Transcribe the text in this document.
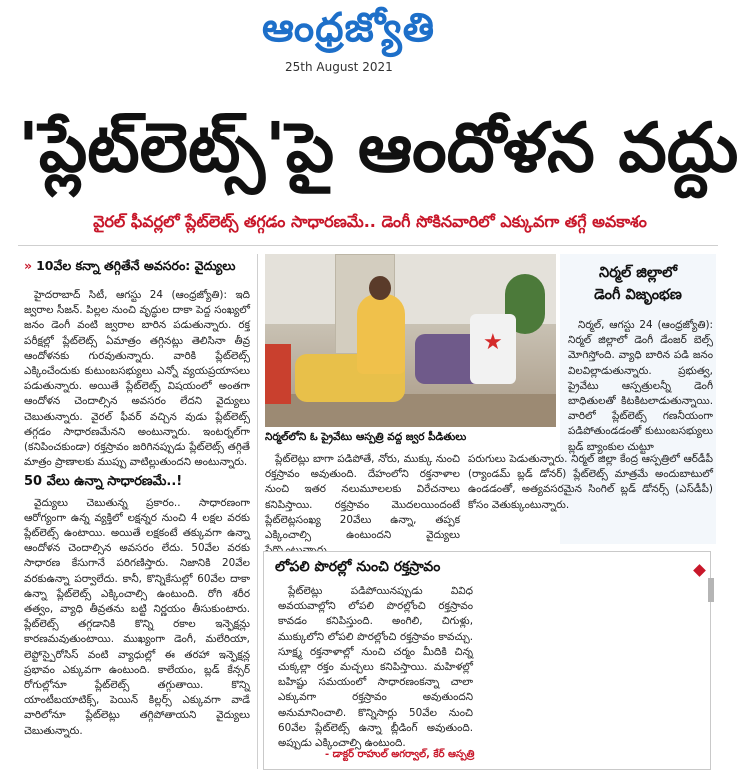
ఆంధ్రజ్యోతి
25th August 2021
'ప్లేట్‌లెట్స్'పై ఆందోళన వద్దు
వైరల్ ఫీవర్లలో ప్లేట్‌లెట్స్ తగ్గడం సాధారణమే.. డెంగీ సోకినవారిలో ఎక్కువగా తగ్గే అవకాశం
» 10వేల కన్నా తగ్గితేనే అవసరం: వైద్యులు

హైదరాబాద్ సిటీ, ఆగస్టు 24 (ఆంధ్రజ్యోతి): ఇది జ్వరాల సీజన్. పిల్లల నుంచి వృద్ధుల దాకా పెద్ద సంఖ్యలో జనం డెంగీ వంటి జ్వరాల బారిన పడుతున్నారు. రక్త పరీక్షల్లో ప్లేట్‌లెట్స్ ఏమాత్రం తగ్గినట్లు తెలిసినా తీవ్ర ఆందోళనకు గురవుతున్నారు. వారికి ప్లేట్‌లెట్స్ ఎక్కించేందుకు కుటుంబసభ్యులు ఎన్నో వ్యయప్రయాసలు పడుతున్నారు. అయితే ప్లేట్‌లెట్స్ విషయంలో అంతగా ఆందోళన చెందాల్సిన అవసరం లేదని వైద్యులు చెబుతున్నారు. వైరల్ ఫీవర్ వచ్చిన వుడు ప్లేట్‌లెట్స్ తగ్గడం సాధారణమేనని అంటున్నారు. ఇంటర్నల్‌గా (కనిపించకుండా) రక్తస్రావం జరిగినప్పుడు ప్లేట్‌లెట్స్ తగ్గితే మాత్రం ప్రాణాలకు ముప్పు వాటిల్లుతుందని అంటున్నారు.

50 వేలు ఉన్నా సాధారణమే..!

వైద్యులు చెబుతున్న ప్రకారం.. సాధారణంగా ఆరోగ్యంగా ఉన్న వ్యక్తిలో లక్షన్నర నుంచి 4 లక్షల వరకు ప్లేట్‌లెట్స్ ఉంటాయి. అయితే లక్షకంటే తక్కువగా ఉన్నా ఆందోళన చెందాల్సిన అవసరం లేదు. 50వేల వరకు సాధారణ కేసుగానే పరిగణిస్తారు. నిజానికి 20వేల వరకుఉన్నా పర్వాలేదు. కానీ, కొన్నికేసుల్లో 60వేల దాకా ఉన్నా ప్లేట్‌లెట్స్ ఎక్కించాల్సి ఉంటుంది. రోగి శరీర తత్వం, వ్యాధి తీవ్రతను బట్టి నిర్ణయం తీసుకుంటారు. ప్లేట్‌లెట్స్ తగ్గడానికి కొన్ని రకాల ఇన్ఫెక్షన్లు కారణమవుతుంటాయి. ముఖ్యంగా డెంగీ, మలేరియా, లెప్టోస్పైరోసిస్ వంటి వ్యాధుల్లో ఈ తరహా ఇన్ఫెక్షన్ల ప్రభావం ఎక్కువగా ఉంటుంది. కాలేయం, బ్లడ్ కేన్సర్ రోగుల్లోనూ ప్లేట్‌లెట్స్ తగ్గుతాయి. కొన్ని యాంటీబయాటిక్స్, పెయిన్ కిల్లర్స్ ఎక్కువగా వాడే వారిలోనూ ప్లేట్‌లెట్లు తగ్గిపోతాయని వైద్యులు చెబుతున్నారు.

★
నిర్మల్‌లోని ఓ ప్రైవేటు ఆస్పత్రి వద్ద జ్వర పీడితులు

ప్లేట్‌లెట్లు బాగా పడిపోతే, నోరు, ముక్కు నుంచి రక్తస్రావం అవుతుంది. దేహంలోని రక్తనాళాల నుంచి ఇతర నలుమూలలకు విరేచనాలు కనిపిస్తాయి. రక్తస్రావం మొదలయిందంటే ప్లేట్‌లెట్లసంఖ్య 20వేలు ఉన్నా, తప్పక ఎక్కించాల్సి ఉంటుందని వైద్యులు

నిర్మల్ జిల్లాలో
డెంగీ విజృంభణ

నిర్మల్, ఆగస్టు 24 (ఆంధ్రజ్యోతి): నిర్మల్ జిల్లాలో డెంగీ డేంజర్ బెల్స్ మోగిస్తోంది. వ్యాధి బారిన పడి జనం విలవిల్లాడుతున్నారు. ప్రభుత్వ, ప్రైవేటు ఆస్పత్రులన్నీ డెంగీ బాధితులతో కిటకిటలాడుతున్నాయి. వారిలో ప్లేట్‌లెట్స్ గణనీయంగా పడిపోతుండడంతో కుటుంబసభ్యులు బ్లడ్ బ్యాంకుల చుట్టూ

పరుగులు పెడుతున్నారు. నిర్మల్ జిల్లా కేంద్ర ఆస్పత్రిలో ఆర్‌డీపీ (ర్యాండమ్ బ్లడ్ డోనర్) ప్లేట్‌లెట్స్ మాత్రమే అందుబాటులో ఉండడంతో, అత్యవసరమైన సింగిల్ బ్లడ్ డోనర్స్ (ఎస్‌డీపీ) కోసం వెతుక్కుంటున్నారు.

లోపలి పొరల్లో నుంచి రక్తస్రావం

ప్లేట్‌లెట్లు పడిపోయినప్పుడు వివిధ అవయవాల్లోని లోపలి పొరల్లోంచి రక్తస్రావం కావడం కనిపిస్తుంది. అంగిలి, చిగుళ్లు, ముక్కులోని లోపలి పొరల్లోంచి రక్తస్రావం కావచ్చు. సూక్ష్మ రక్తనాళాల్లో నుంచి చర్మం మీదికి చిన్న చుక్కల్లా రక్తం మచ్చలు కనిపిస్తాయి. మహిళల్లో బహిష్టు సమయంలో సాధారణంకన్నా చాలా ఎక్కువగా రక్తస్రావం అవుతుందని అనుమానించాలి. కొన్నిసార్లు 50వేల నుంచి 60వేల ప్లేట్‌లెట్స్ ఉన్నా బ్లీడింగ్ అవుతుంది. అప్పుడు ఎక్కించాల్సి ఉంటుంది.

- డాక్టర్ రాహుల్ అగర్వాల్, కేర్ ఆస్పత్రి
